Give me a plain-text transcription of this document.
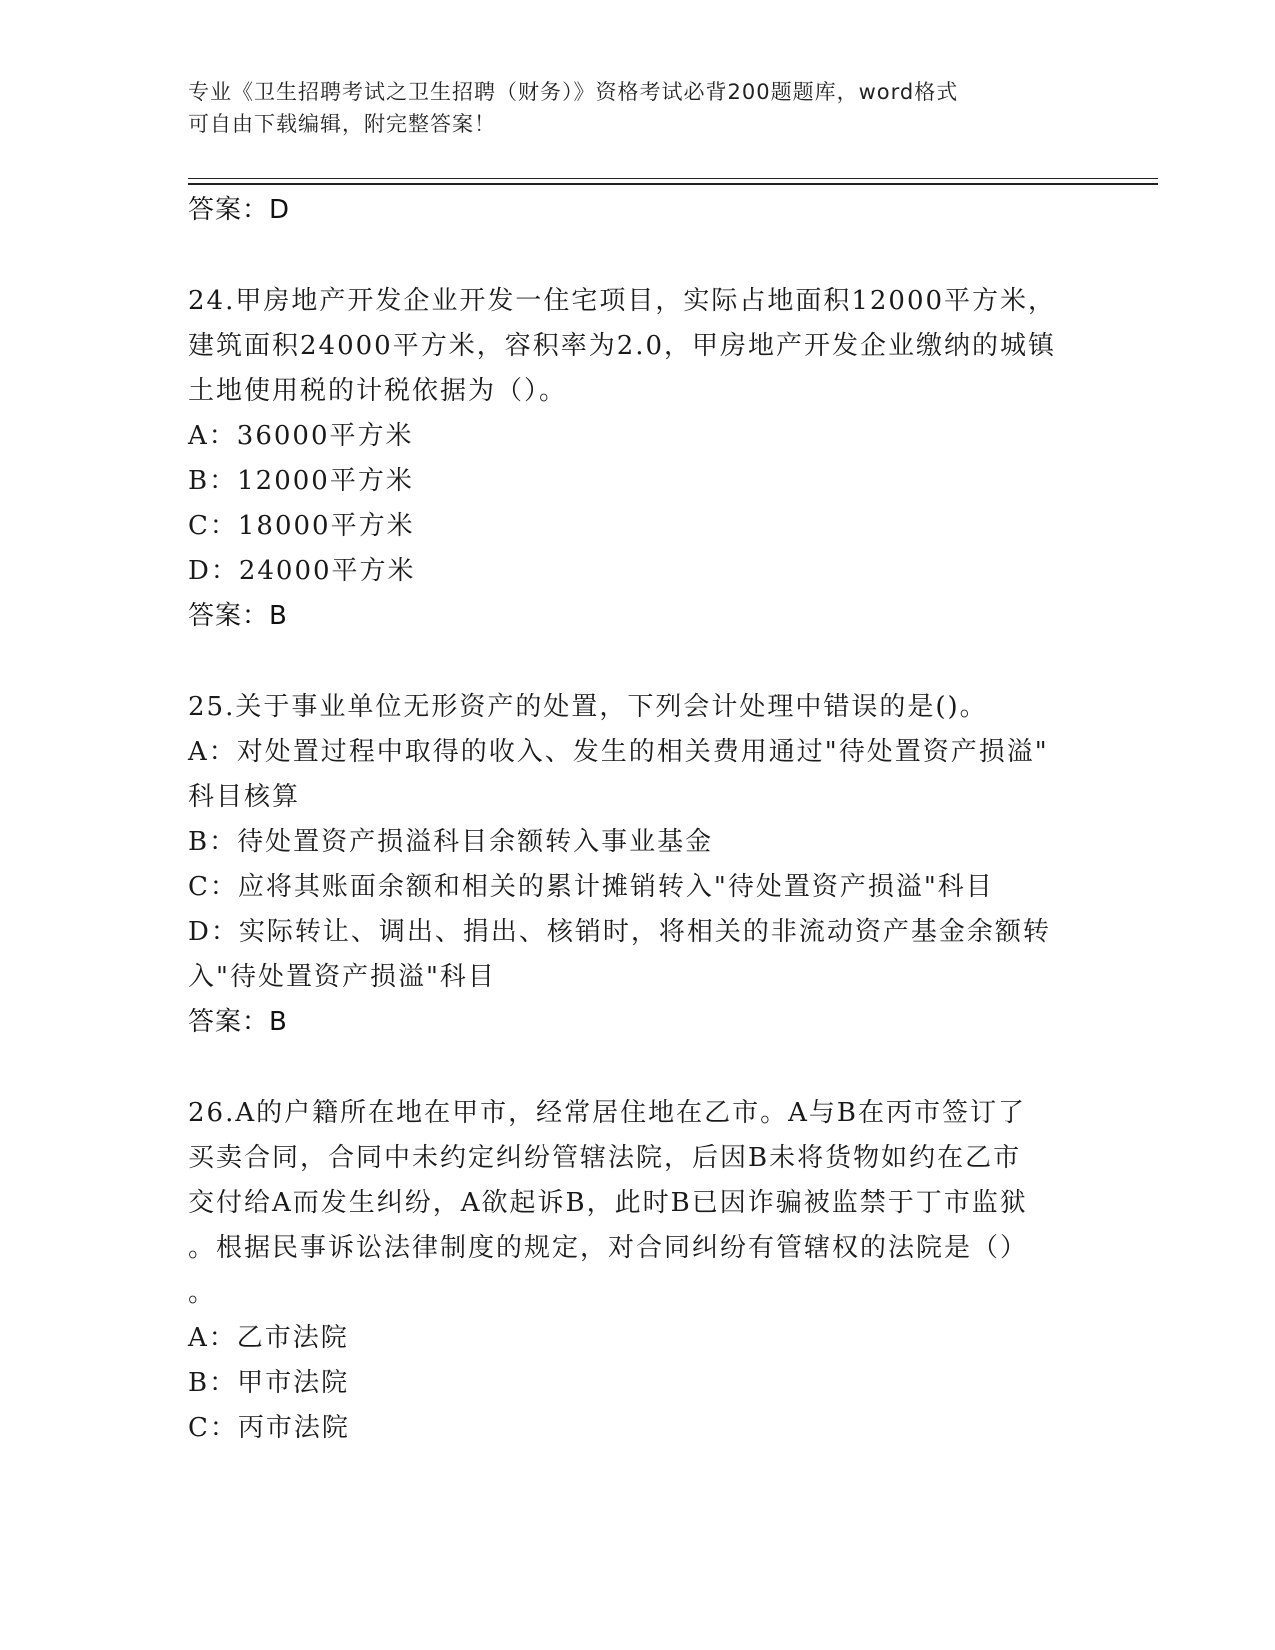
专业《卫生招聘考试之卫生招聘（财务）》资格考试必背200题题库，word格式
可自由下载编辑，附完整答案！
答案：D
24.甲房地产开发企业开发一住宅项目，实际占地面积12000平方米，
建筑面积24000平方米，容积率为2.0，甲房地产开发企业缴纳的城镇
土地使用税的计税依据为（）。
A：36000平方米
B：12000平方米
C：18000平方米
D：24000平方米
答案：B
25.关于事业单位无形资产的处置，下列会计处理中错误的是()。
A：对处置过程中取得的收入、发生的相关费用通过"待处置资产损溢"
科目核算
B：待处置资产损溢科目余额转入事业基金
C：应将其账面余额和相关的累计摊销转入"待处置资产损溢"科目
D：实际转让、调出、捐出、核销时，将相关的非流动资产基金余额转
入"待处置资产损溢"科目
答案：B
26.A的户籍所在地在甲市，经常居住地在乙市。A与B在丙市签订了
买卖合同，合同中未约定纠纷管辖法院，后因B未将货物如约在乙市
交付给A而发生纠纷，A欲起诉B，此时B已因诈骗被监禁于丁市监狱
。根据民事诉讼法律制度的规定，对合同纠纷有管辖权的法院是（）
。
A：乙市法院
B：甲市法院
C：丙市法院
